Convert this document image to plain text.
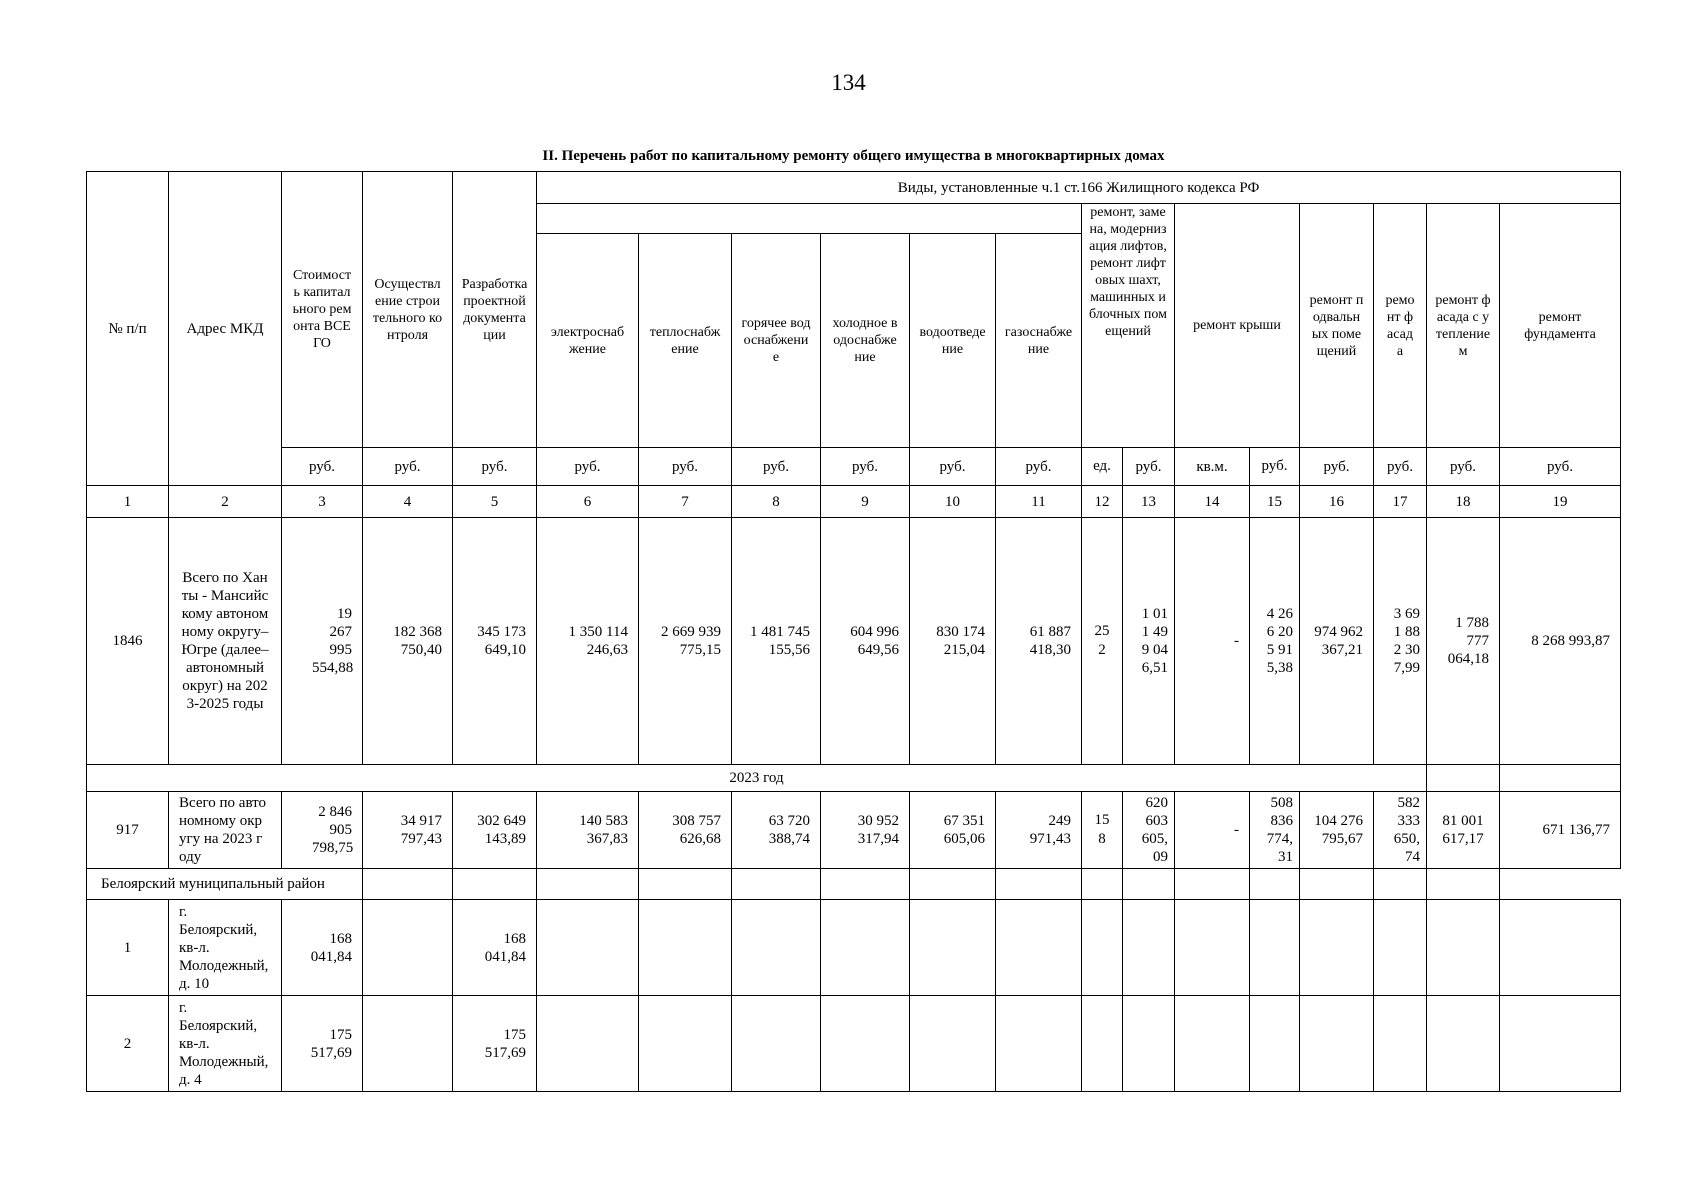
134
II. Перечень работ по капитальному ремонту общего имущества в многоквартирных домах
№ п/п	Адрес МКД	Стоимость капитального ремонта ВСЕГО	Осуществление строительного контроля	Разработка проектной документации	Виды, установленные ч.1 ст.166 Жилищного кодекса РФ													
											ремонт, замена, модернизация лифтов, ремонт лифтовых шахт, машинных и блочных помещений		ремонт крыши		ремонт подвальных помещений	ремонт фасада	ремонт фасада с утеплением	ремонт фундамента
					электроснабжение	теплоснабжение	горячее водоснабжение	холодное водоснабжение	водоотведение	газоснабжение								
		руб.	руб.	руб.	руб.	руб.	руб.	руб.	руб.	руб.	ед.	руб.	кв.м.	руб.	руб.	руб.	руб.	руб.
1	2	3	4	5	6	7	8	9	10	11	12	13	14	15	16	17	18	19
1846	Всего по Ханты - Мансийскому автономному округу–Югре (далее–автономный округ) на 2023-2025 годы	19 267 995 554,88	182 368 750,40	345 173 649,10	1 350 114 246,63	2 669 939 775,15	1 481 745 155,56	604 996 649,56	830 174 215,04	61 887 418,30	252	1 011 499 046,51	-	4 266 205 915,38	974 962 367,21	3 691 882 307,99	1 788 777 064,18	8 268 993,87
2023 год																		
917	Всего по автономному округу на 2023 году	2 846 905 798,75	34 917 797,43	302 649 143,89	140 583 367,83	308 757 626,68	63 720 388,74	30 952 317,94	67 351 605,06	249 971,43	158	620 603 605,09	-	508 836 774,31	104 276 795,67	582 333 650,74	81 001 617,17	671 136,77
Белоярский муниципальный район																		
1	г. Белоярский, кв-л. Молодежный, д. 10	168 041,84		168 041,84														
2	г. Белоярский, кв-л. Молодежный, д. 4	175 517,69		175 517,69														
